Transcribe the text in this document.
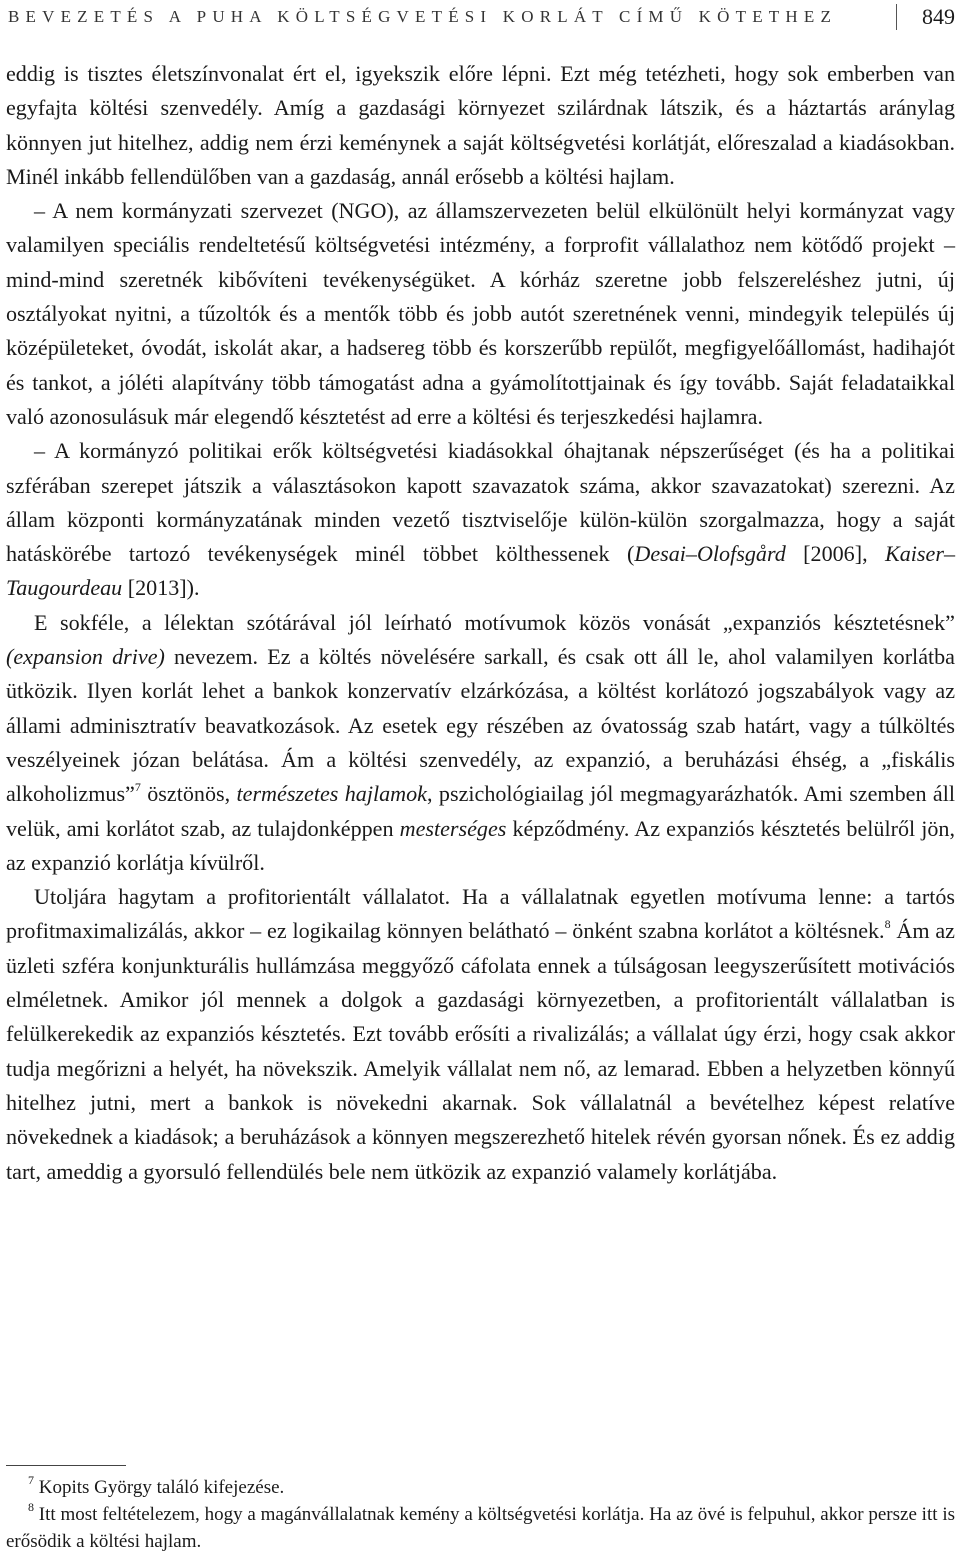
BEVEZETÉS A PUHA KÖLTSÉGVETÉSI KORLÁT CÍMŰ KÖTETHEZ	849

eddig is tisztes életszínvonalat ért el, igyekszik előre lépni. Ezt még tetézheti, hogy sok emberben van egyfajta költési szenvedély. Amíg a gazdasági környezet szilárdnak látszik, és a háztartás aránylag könnyen jut hitelhez, addig nem érzi keménynek a saját költségvetési korlátját, előreszalad a kiadásokban. Minél inkább fellendülőben van a gazdaság, annál erősebb a költési hajlam.

– A nem kormányzati szervezet (NGO), az államszervezeten belül elkülönült helyi kormányzat vagy valamilyen speciális rendeltetésű költségvetési intézmény, a forprofit vállalathoz nem kötődő projekt – mind-mind szeretnék kibővíteni tevékenységüket. A kórház szeretne jobb felszereléshez jutni, új osztályokat nyitni, a tűzoltók és a mentők több és jobb autót szeretnének venni, mindegyik település új középületeket, óvodát, iskolát akar, a hadsereg több és korszerűbb repülőt, megfigyelőállomást, hadihajót és tankot, a jóléti alapítvány több támogatást adna a gyámolítottjainak és így tovább. Saját feladataikkal való azonosulásuk már elegendő késztetést ad erre a költési és terjeszkedési hajlamra.

– A kormányzó politikai erők költségvetési kiadásokkal óhajtanak népszerűséget (és ha a politikai szférában szerepet játszik a választásokon kapott szavazatok száma, akkor szavazatokat) szerezni. Az állam központi kormányzatának minden vezető tisztviselője külön-külön szorgalmazza, hogy a saját hatáskörébe tartozó tevékenységek minél többet költhessenek (Desai–Olofsgård [2006], Kaiser–Taugourdeau [2013]).

E sokféle, a lélektan szótárával jól leírható motívumok közös vonását „expanziós késztetésnek” (expansion drive) nevezem. Ez a költés növelésére sarkall, és csak ott áll le, ahol valamilyen korlátba ütközik. Ilyen korlát lehet a bankok konzervatív elzárkózása, a költést korlátozó jogszabályok vagy az állami adminisztratív beavatkozások. Az esetek egy részében az óvatosság szab határt, vagy a túlköltés veszélyeinek józan belátása. Ám a költési szenvedély, az expanzió, a beruházási éhség, a „fiskális alkoholizmus”$^7$ ösztönös, természetes hajlamok, pszichológiailag jól megmagyarázhatók. Ami szemben áll velük, ami korlátot szab, az tulajdonképpen mesterséges képződmény. Az expanziós késztetés belülről jön, az expanzió korlátja kívülről.

Utoljára hagytam a profitorientált vállalatot. Ha a vállalatnak egyetlen motívuma lenne: a tartós profitmaximalizálás, akkor – ez logikailag könnyen belátható – önként szabna korlátot a költésnek.$^8$ Ám az üzleti szféra konjunkturális hullámzása meggyőző cáfolata ennek a túlságosan leegyszerűsített motivációs elméletnek. Amikor jól mennek a dolgok a gazdasági környezetben, a profitorientált vállalatban is felülkerekedik az expanziós késztetés. Ezt tovább erősíti a rivalizálás; a vállalat úgy érzi, hogy csak akkor tudja megőrizni a helyét, ha növekszik. Amelyik vállalat nem nő, az lemarad. Ebben a helyzetben könnyű hitelhez jutni, mert a bankok is növekedni akarnak. Sok vállalatnál a bevételhez képest relatíve növekednek a kiadások; a beruházások a könnyen megszerezhető hitelek révén gyorsan nőnek. És ez addig tart, ameddig a gyorsuló fellendülés bele nem ütközik az expanzió valamely korlátjába.

$^7$ Kopits György találó kifejezése.

$^8$ Itt most feltételezem, hogy a magánvállalatnak kemény a költségvetési korlátja. Ha az övé is felpuhul, akkor persze itt is erősödik a költési hajlam.
